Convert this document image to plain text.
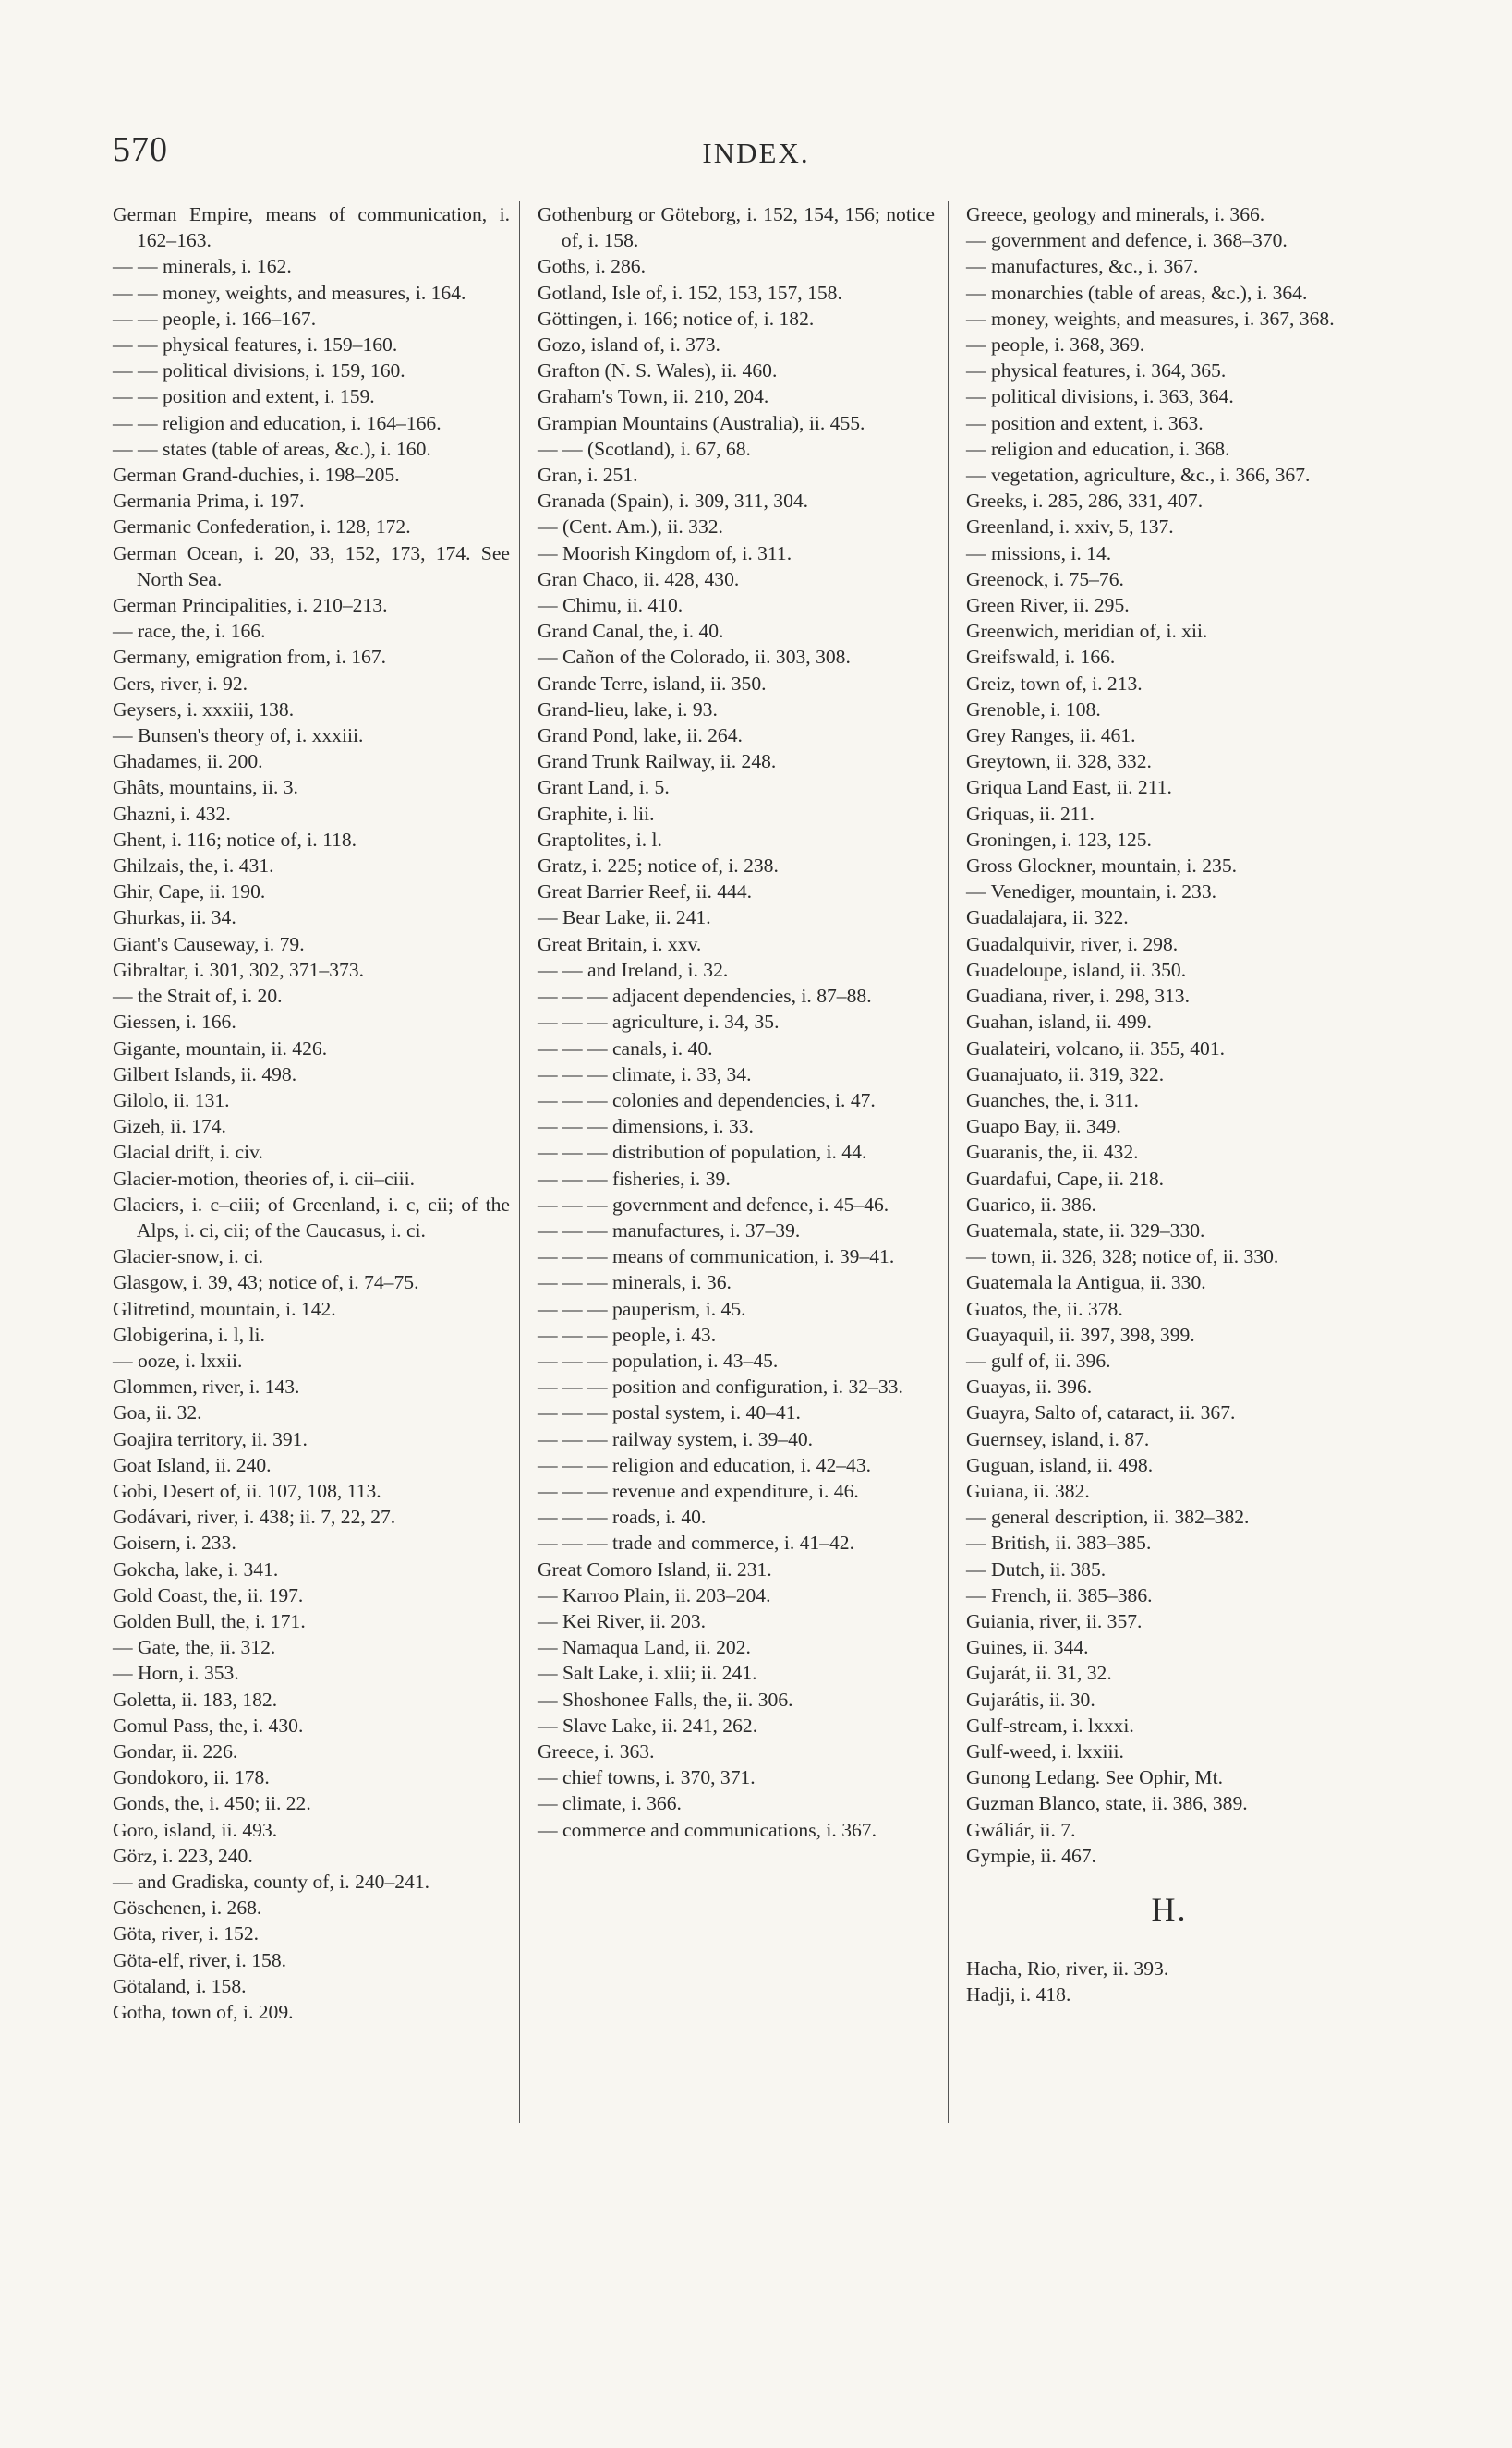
570	INDEX.
German Empire, means of communication, i. 162–163.
— — minerals, i. 162.
— — money, weights, and measures, i. 164.
— — people, i. 166–167.
— — physical features, i. 159–160.
— — political divisions, i. 159, 160.
— — position and extent, i. 159.
— — religion and education, i. 164–166.
— — states (table of areas, &c.), i. 160.
German Grand-duchies, i. 198–205.
Germania Prima, i. 197.
Germanic Confederation, i. 128, 172.
German Ocean, i. 20, 33, 152, 173, 174. See North Sea.
German Principalities, i. 210–213.
— race, the, i. 166.
Germany, emigration from, i. 167.
Gers, river, i. 92.
Geysers, i. xxxiii, 138.
— Bunsen's theory of, i. xxxiii.
Ghadames, ii. 200.
Ghâts, mountains, ii. 3.
Ghazni, i. 432.
Ghent, i. 116; notice of, i. 118.
Ghilzais, the, i. 431.
Ghir, Cape, ii. 190.
Ghurkas, ii. 34.
Giant's Causeway, i. 79.
Gibraltar, i. 301, 302, 371–373.
— the Strait of, i. 20.
Giessen, i. 166.
Gigante, mountain, ii. 426.
Gilbert Islands, ii. 498.
Gilolo, ii. 131.
Gizeh, ii. 174.
Glacial drift, i. civ.
Glacier-motion, theories of, i. cii–ciii.
Glaciers, i. c–ciii; of Greenland, i. c, cii; of the Alps, i. ci, cii; of the Caucasus, i. ci.
Glacier-snow, i. ci.
Glasgow, i. 39, 43; notice of, i. 74–75.
Glitretind, mountain, i. 142.
Globigerina, i. l, li.
— ooze, i. lxxii.
Glommen, river, i. 143.
Goa, ii. 32.
Goajira territory, ii. 391.
Goat Island, ii. 240.
Gobi, Desert of, ii. 107, 108, 113.
Godávari, river, i. 438; ii. 7, 22, 27.
Goisern, i. 233.
Gokcha, lake, i. 341.
Gold Coast, the, ii. 197.
Golden Bull, the, i. 171.
— Gate, the, ii. 312.
— Horn, i. 353.
Goletta, ii. 183, 182.
Gomul Pass, the, i. 430.
Gondar, ii. 226.
Gondokoro, ii. 178.
Gonds, the, i. 450; ii. 22.
Goro, island, ii. 493.
Görz, i. 223, 240.
— and Gradiska, county of, i. 240–241.
Göschenen, i. 268.
Göta, river, i. 152.
Göta-elf, river, i. 158.
Götaland, i. 158.
Gotha, town of, i. 209.
Gothenburg or Göteborg, i. 152, 154, 156; notice of, i. 158.
Goths, i. 286.
Gotland, Isle of, i. 152, 153, 157, 158.
Göttingen, i. 166; notice of, i. 182.
Gozo, island of, i. 373.
Grafton (N. S. Wales), ii. 460.
Graham's Town, ii. 210, 204.
Grampian Mountains (Australia), ii. 455.
— — (Scotland), i. 67, 68.
Gran, i. 251.
Granada (Spain), i. 309, 311, 304.
— (Cent. Am.), ii. 332.
— Moorish Kingdom of, i. 311.
Gran Chaco, ii. 428, 430.
— Chimu, ii. 410.
Grand Canal, the, i. 40.
— Cañon of the Colorado, ii. 303, 308.
Grande Terre, island, ii. 350.
Grand-lieu, lake, i. 93.
Grand Pond, lake, ii. 264.
Grand Trunk Railway, ii. 248.
Grant Land, i. 5.
Graphite, i. lii.
Graptolites, i. l.
Gratz, i. 225; notice of, i. 238.
Great Barrier Reef, ii. 444.
— Bear Lake, ii. 241.
Great Britain, i. xxv.
— — and Ireland, i. 32.
— — — adjacent dependencies, i. 87–88.
— — — agriculture, i. 34, 35.
— — — canals, i. 40.
— — — climate, i. 33, 34.
— — — colonies and dependencies, i. 47.
— — — dimensions, i. 33.
— — — distribution of population, i. 44.
— — — fisheries, i. 39.
— — — government and defence, i. 45–46.
— — — manufactures, i. 37–39.
— — — means of communication, i. 39–41.
— — — minerals, i. 36.
— — — pauperism, i. 45.
— — — people, i. 43.
— — — population, i. 43–45.
— — — position and configuration, i. 32–33.
— — — postal system, i. 40–41.
— — — railway system, i. 39–40.
— — — religion and education, i. 42–43.
— — — revenue and expenditure, i. 46.
— — — roads, i. 40.
— — — trade and commerce, i. 41–42.
Great Comoro Island, ii. 231.
— Karroo Plain, ii. 203–204.
— Kei River, ii. 203.
— Namaqua Land, ii. 202.
— Salt Lake, i. xlii; ii. 241.
— Shoshonee Falls, the, ii. 306.
— Slave Lake, ii. 241, 262.
Greece, i. 363.
— chief towns, i. 370, 371.
— climate, i. 366.
— commerce and communications, i. 367.
Greece, geology and minerals, i. 366.
— government and defence, i. 368–370.
— manufactures, &c., i. 367.
— monarchies (table of areas, &c.), i. 364.
— money, weights, and measures, i. 367, 368.
— people, i. 368, 369.
— physical features, i. 364, 365.
— political divisions, i. 363, 364.
— position and extent, i. 363.
— religion and education, i. 368.
— vegetation, agriculture, &c., i. 366, 367.
Greeks, i. 285, 286, 331, 407.
Greenland, i. xxiv, 5, 137.
— missions, i. 14.
Greenock, i. 75–76.
Green River, ii. 295.
Greenwich, meridian of, i. xii.
Greifswald, i. 166.
Greiz, town of, i. 213.
Grenoble, i. 108.
Grey Ranges, ii. 461.
Greytown, ii. 328, 332.
Griqua Land East, ii. 211.
Griquas, ii. 211.
Groningen, i. 123, 125.
Gross Glockner, mountain, i. 235.
— Venediger, mountain, i. 233.
Guadalajara, ii. 322.
Guadalquivir, river, i. 298.
Guadeloupe, island, ii. 350.
Guadiana, river, i. 298, 313.
Guahan, island, ii. 499.
Gualateiri, volcano, ii. 355, 401.
Guanajuato, ii. 319, 322.
Guanches, the, i. 311.
Guapo Bay, ii. 349.
Guaranis, the, ii. 432.
Guardafui, Cape, ii. 218.
Guarico, ii. 386.
Guatemala, state, ii. 329–330.
— town, ii. 326, 328; notice of, ii. 330.
Guatemala la Antigua, ii. 330.
Guatos, the, ii. 378.
Guayaquil, ii. 397, 398, 399.
— gulf of, ii. 396.
Guayas, ii. 396.
Guayra, Salto of, cataract, ii. 367.
Guernsey, island, i. 87.
Guguan, island, ii. 498.
Guiana, ii. 382.
— general description, ii. 382–382.
— British, ii. 383–385.
— Dutch, ii. 385.
— French, ii. 385–386.
Guiania, river, ii. 357.
Guines, ii. 344.
Gujarát, ii. 31, 32.
Gujarátis, ii. 30.
Gulf-stream, i. lxxxi.
Gulf-weed, i. lxxiii.
Gunong Ledang. See Ophir, Mt.
Guzman Blanco, state, ii. 386, 389.
Gwáliár, ii. 7.
Gympie, ii. 467.
H.
Hacha, Rio, river, ii. 393.
Hadji, i. 418.
